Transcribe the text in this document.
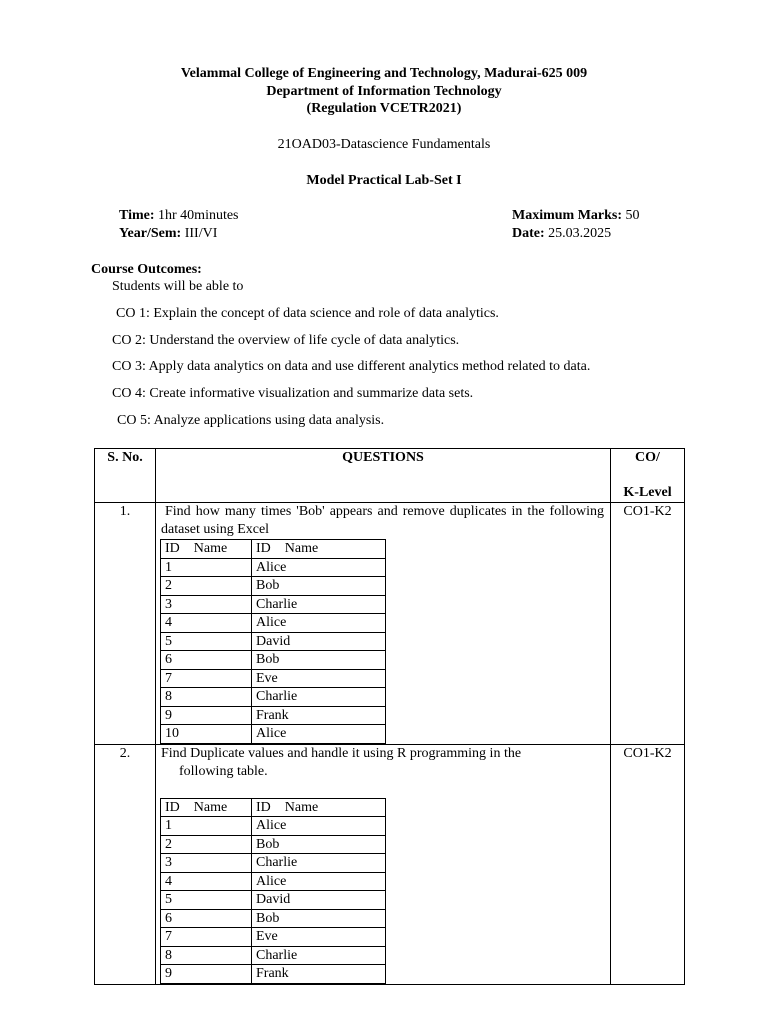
Velammal College of Engineering and Technology, Madurai-625 009
Department of Information Technology
(Regulation VCETR2021)
21OAD03-Datascience Fundamentals
Model Practical Lab-Set I
Time: 1hr 40minutes
Year/Sem: III/VI
Maximum Marks: 50
Date: 25.03.2025
Course Outcomes:
Students will be able to
CO 1: Explain the concept of data science and role of data analytics.
CO 2: Understand the overview of life cycle of data analytics.
CO 3: Apply data analytics on data and use different analytics method related to data.
CO 4: Create informative visualization and summarize data sets.
CO 5: Analyze applications using data analysis.
S. No.	QUESTIONS	CO/
K-Level

1.	Find how many times 'Bob' appears and remove duplicates in the following dataset using Excel
ID Name	ID Name
1	Alice
2	Bob
3	Charlie
4	Alice
5	David
6	Bob
7	Eve
8	Charlie
9	Frank
10	Alice
	CO1-K2
2.	Find Duplicate values and handle it using R programming in the
following table.
ID Name	ID Name
1	Alice
2	Bob
3	Charlie
4	Alice
5	David
6	Bob
7	Eve
8	Charlie
9	Frank
	CO1-K2
